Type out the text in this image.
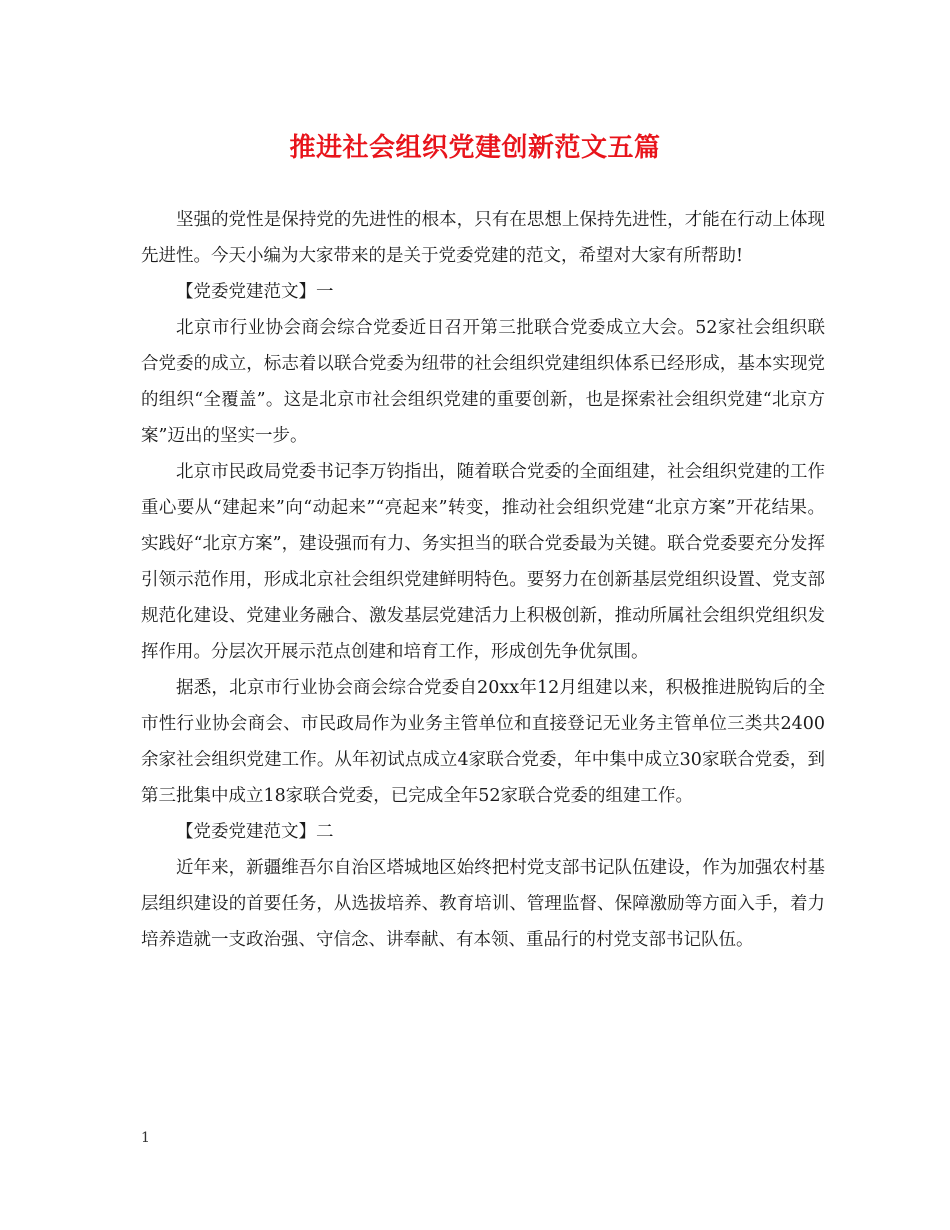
推进社会组织党建创新范文五篇

坚强的党性是保持党的先进性的根本，只有在思想上保持先进性，才能在行动上体现先进性。今天小编为大家带来的是关于党委党建的范文，希望对大家有所帮助!

【党委党建范文】一

北京市行业协会商会综合党委近日召开第三批联合党委成立大会。52家社会组织联合党委的成立，标志着以联合党委为纽带的社会组织党建组织体系已经形成，基本实现党的组织“全覆盖”。这是北京市社会组织党建的重要创新，也是探索社会组织党建“北京方案”迈出的坚实一步。

北京市民政局党委书记李万钧指出，随着联合党委的全面组建，社会组织党建的工作重心要从“建起来”向“动起来”“亮起来”转变，推动社会组织党建“北京方案”开花结果。实践好“北京方案”，建设强而有力、务实担当的联合党委最为关键。联合党委要充分发挥引领示范作用，形成北京社会组织党建鲜明特色。要努力在创新基层党组织设置、党支部规范化建设、党建业务融合、激发基层党建活力上积极创新，推动所属社会组织党组织发挥作用。分层次开展示范点创建和培育工作，形成创先争优氛围。

据悉，北京市行业协会商会综合党委自20xx年12月组建以来，积极推进脱钩后的全市性行业协会商会、市民政局作为业务主管单位和直接登记无业务主管单位三类共2400余家社会组织党建工作。从年初试点成立4家联合党委，年中集中成立30家联合党委，到第三批集中成立18家联合党委，已完成全年52家联合党委的组建工作。

【党委党建范文】二

近年来，新疆维吾尔自治区塔城地区始终把村党支部书记队伍建设，作为加强农村基层组织建设的首要任务，从选拔培养、教育培训、管理监督、保障激励等方面入手，着力培养造就一支政治强、守信念、讲奉献、有本领、重品行的村党支部书记队伍。

1
